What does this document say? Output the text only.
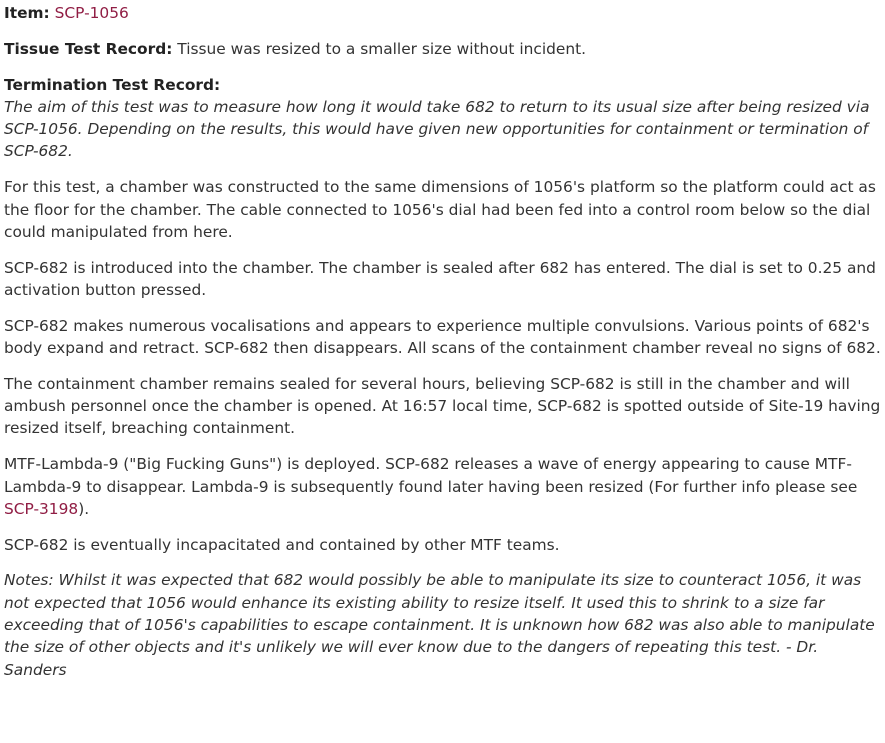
Item: SCP-1056

Tissue Test Record: Tissue was resized to a smaller size without incident.

Termination Test Record:
The aim of this test was to measure how long it would take 682 to return to its usual size after being resized via SCP-1056. Depending on the results, this would have given new opportunities for containment or termination of SCP-682.

For this test, a chamber was constructed to the same dimensions of 1056's platform so the platform could act as the floor for the chamber. The cable connected to 1056's dial had been fed into a control room below so the dial could manipulated from here.

SCP-682 is introduced into the chamber. The chamber is sealed after 682 has entered. The dial is set to 0.25 and activation button pressed.

SCP-682 makes numerous vocalisations and appears to experience multiple convulsions. Various points of 682's body expand and retract. SCP-682 then disappears. All scans of the containment chamber reveal no signs of 682.

The containment chamber remains sealed for several hours, believing SCP-682 is still in the chamber and will ambush personnel once the chamber is opened. At 16:57 local time, SCP-682 is spotted outside of Site-19 having resized itself, breaching containment.

MTF-Lambda-9 ("Big Fucking Guns") is deployed. SCP-682 releases a wave of energy appearing to cause MTF-Lambda-9 to disappear. Lambda-9 is subsequently found later having been resized (For further info please see SCP-3198).

SCP-682 is eventually incapacitated and contained by other MTF teams.

Notes: Whilst it was expected that 682 would possibly be able to manipulate its size to counteract 1056, it was not expected that 1056 would enhance its existing ability to resize itself. It used this to shrink to a size far exceeding that of 1056's capabilities to escape containment. It is unknown how 682 was also able to manipulate the size of other objects and it's unlikely we will ever know due to the dangers of repeating this test. - Dr. Sanders
